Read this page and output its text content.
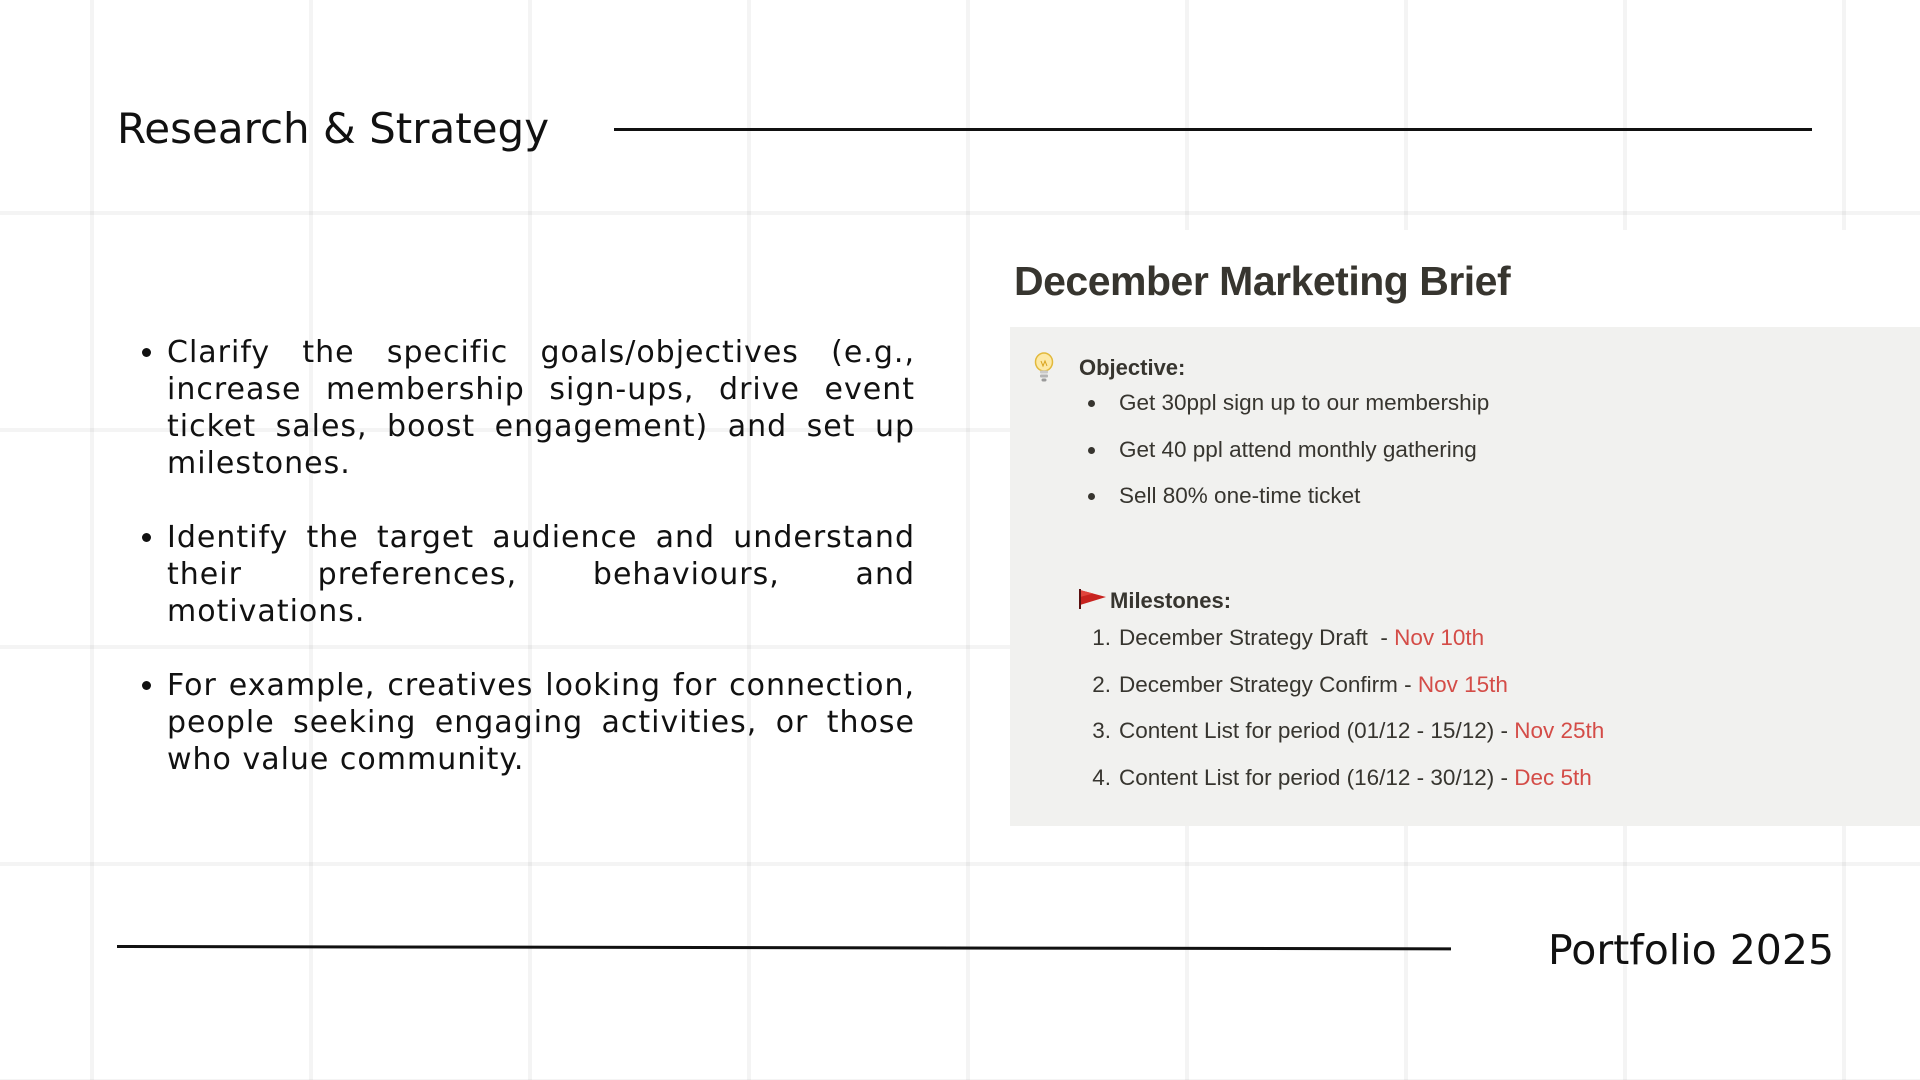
Research & Strategy
• Clarify the specific goals/objectives (e.g., increase membership sign-ups, drive event ticket sales, boost engagement) and set up milestones.
• Identify the target audience and understand their preferences, behaviours, and motivations.
• For example, creatives looking for connection, people seeking engaging activities, or those who value community.
December Marketing Brief
Objective:
Get 30ppl sign up to our membership
Get 40 ppl attend monthly gathering
Sell 80% one-time ticket
Milestones:
1. December Strategy Draft  - Nov 10th
2. December Strategy Confirm - Nov 15th
3. Content List for period (01/12 - 15/12) - Nov 25th
4. Content List for period (16/12 - 30/12) - Dec 5th
Portfolio 2025
